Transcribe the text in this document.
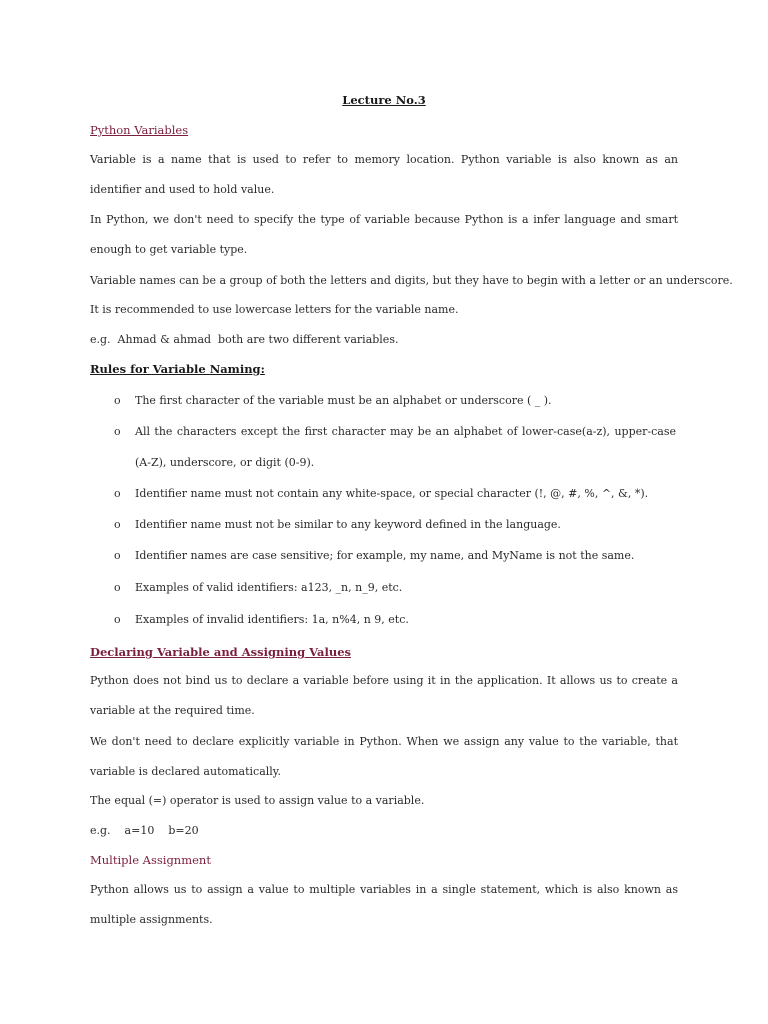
Lecture No.3
Python Variables
Variable is a name that is used to refer to memory location. Python variable is also known as an identifier and used to hold value.
In Python, we don't need to specify the type of variable because Python is a infer language and smart enough to get variable type.
Variable names can be a group of both the letters and digits, but they have to begin with a letter or an underscore.
It is recommended to use lowercase letters for the variable name.
e.g.  Ahmad & ahmad  both are two different variables.
Rules for Variable Naming:
o The first character of the variable must be an alphabet or underscore ( _ ).
o All the characters except the first character may be an alphabet of lower-case(a-z), upper-case (A-Z), underscore, or digit (0-9).
o Identifier name must not contain any white-space, or special character (!, @, #, %, ^, &, *).
o Identifier name must not be similar to any keyword defined in the language.
o Identifier names are case sensitive; for example, my name, and MyName is not the same.
o Examples of valid identifiers: a123, _n, n_9, etc.
o Examples of invalid identifiers: 1a, n%4, n 9, etc.
Declaring Variable and Assigning Values
Python does not bind us to declare a variable before using it in the application. It allows us to create a variable at the required time.
We don't need to declare explicitly variable in Python. When we assign any value to the variable, that variable is declared automatically.
The equal (=) operator is used to assign value to a variable.
e.g. a=10 b=20
Multiple Assignment
Python allows us to assign a value to multiple variables in a single statement, which is also known as multiple assignments.
